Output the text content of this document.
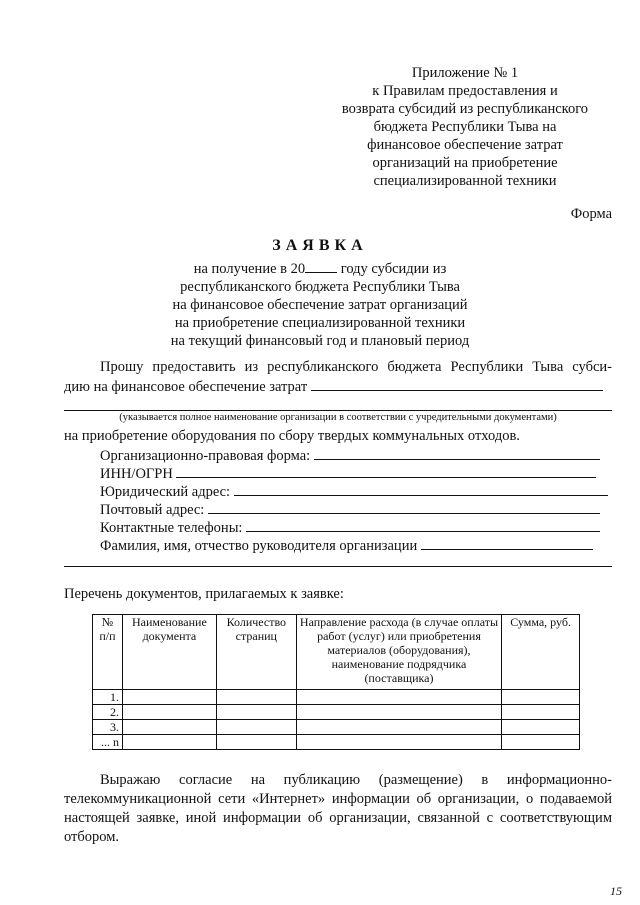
Приложение № 1
к Правилам предоставления и
возврата субсидий из республиканского
бюджета Республики Тыва на
финансовое обеспечение затрат
организаций на приобретение
специализированной техники
Форма
ЗАЯВКА
на получение в 20 году субсидии из
республиканского бюджета Республики Тыва
на финансовое обеспечение затрат организаций
на приобретение специализированной техники
на текущий финансовый год и плановый период
Прошу предоставить из республиканского бюджета Республики Тыва субси-
дию на финансовое обеспечение затрат
(указывается полное наименование организации в соответствии с учредительными документами)
на приобретение оборудования по сбору твердых коммунальных отходов.
Организационно-правовая форма:
ИНН/ОГРН
Юридический адрес:
Почтовый адрес:
Контактные телефоны:
Фамилия, имя, отчество руководителя организации
Перечень документов, прилагаемых к заявке:
№ п/п	Наименование документа	Количество страниц	Направление расхода (в случае оплаты работ (услуг) или приобретения материалов (оборудования), наименование подрядчика (поставщика)	Сумма, руб.
1.				
2.				
3.				
... n				
Выражаю согласие на публикацию (размещение) в информационно-телекоммуникационной сети «Интернет» информации об организации, о подаваемой настоящей заявке, иной информации об организации, связанной с соответствующим отбором.
15
